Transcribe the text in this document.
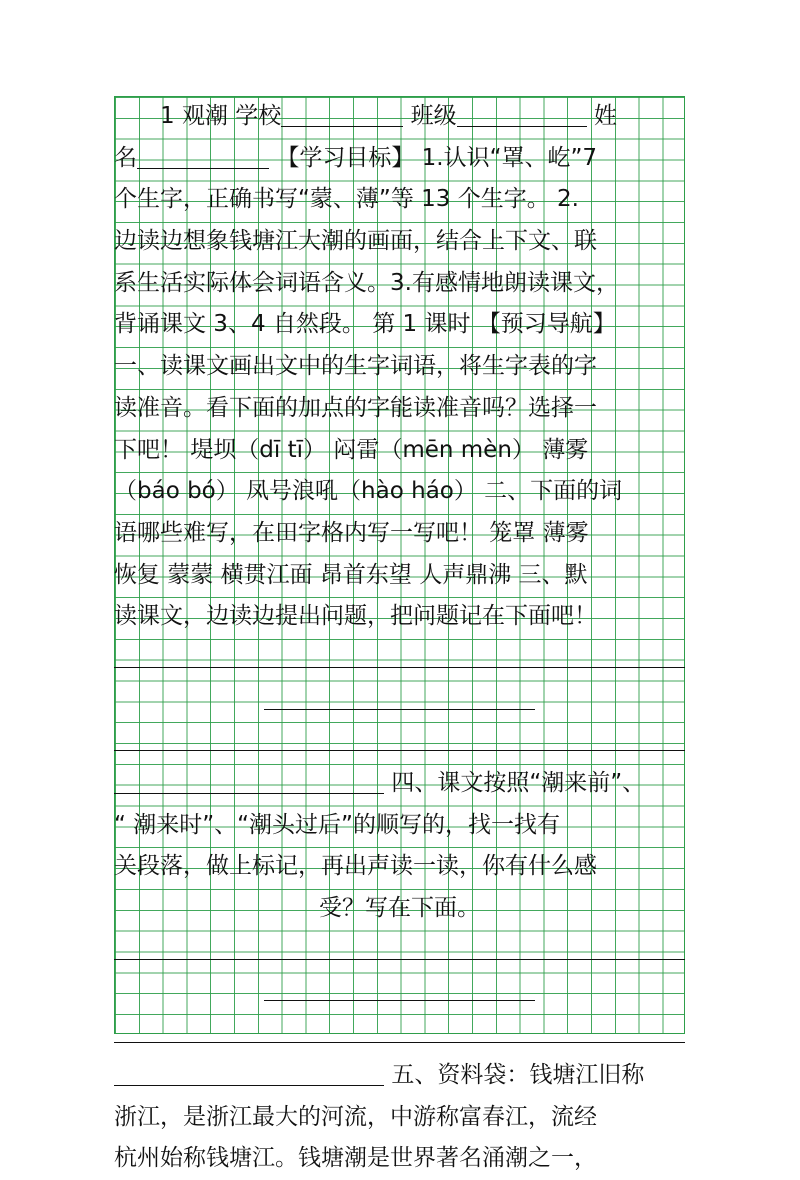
  1 观潮 学校	班级	姓
名	【学习目标】 1.认识“罩、屹”7
个生字，正确书写“蒙、薄”等 13 个生字。 2.
边读边想象钱塘江大潮的画面，结合上下文、联
系生活实际体会词语含义。3.有感情地朗读课文，
背诵课文 3、4 自然段。 第 1 课时 【预习导航】
一、读课文画出文中的生字词语，将生字表的字
读准音。看下面的加点的字能读准音吗？选择一
下吧！ 堤坝（dī tī） 闷雷（mēn mèn） 薄雾
（báo bó） 凤号浪吼（hào háo） 二、下面的词
语哪些难写，在田字格内写一写吧！ 笼罩 薄雾
恢复 蒙蒙 横贯江面 昂首东望 人声鼎沸 三、默
读课文，边读边提出问题，把问题记在下面吧！
四、课文按照“潮来前”、
“ 潮来时”、“潮头过后”的顺写的，找一找有
关段落，做上标记，再出声读一读，你有什么感
受？写在下面。
五、资料袋：钱塘江旧称
浙江，是浙江最大的河流，中游称富春江，流经
杭州始称钱塘江。钱塘潮是世界著名涌潮之一，
